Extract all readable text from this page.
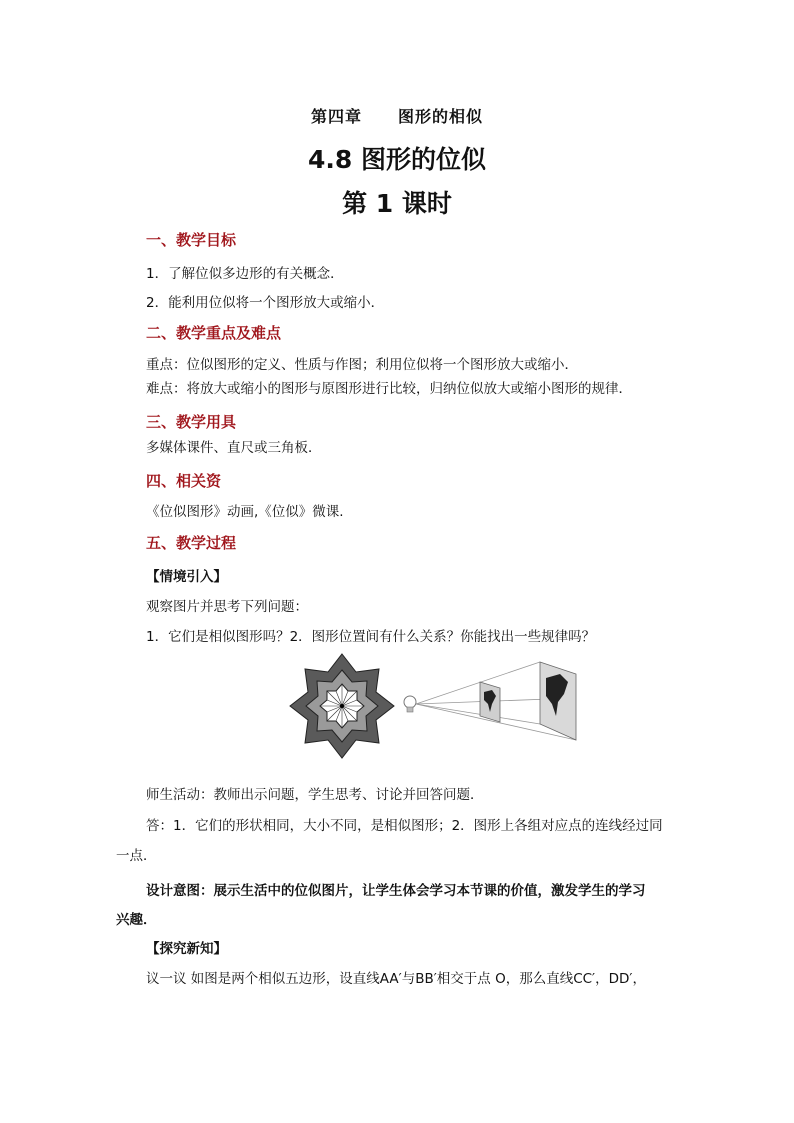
第四章 图形的相似
4.8 图形的位似
第 1 课时
一、教学目标
1．了解位似多边形的有关概念．
2．能利用位似将一个图形放大或缩小．
二、教学重点及难点
重点：位似图形的定义、性质与作图；利用位似将一个图形放大或缩小．
难点：将放大或缩小的图形与原图形进行比较，归纳位似放大或缩小图形的规律．
三、教学用具
多媒体课件、直尺或三角板．
四、相关资
《位似图形》动画,《位似》微课.
五、教学过程
【情境引入】
观察图片并思考下列问题：
1．它们是相似图形吗？2．图形位置间有什么关系？你能找出一些规律吗？
师生活动：教师出示问题，学生思考、讨论并回答问题．
答：1．它们的形状相同，大小不同，是相似图形；2．图形上各组对应点的连线经过同
一点．
设计意图：展示生活中的位似图片，让学生体会学习本节课的价值，激发学生的学习
兴趣．
【探究新知】
议一议 如图是两个相似五边形，设直线AA′与BB′相交于点 O，那么直线CC′，DD′，
